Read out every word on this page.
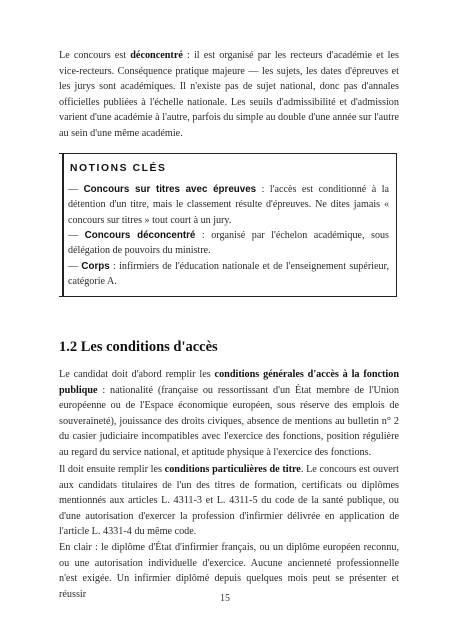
Le concours est déconcentré : il est organisé par les recteurs d'académie et les vice-recteurs. Conséquence pratique majeure — les sujets, les dates d'épreuves et les jurys sont académiques. Il n'existe pas de sujet national, donc pas d'annales officielles publiées à l'échelle nationale. Les seuils d'admissibilité et d'admission varient d'une académie à l'autre, parfois du simple au double d'une année sur l'autre au sein d'une même académie.

NOTIONS CLÉS

— Concours sur titres avec épreuves : l'accès est conditionné à la détention d'un titre, mais le classement résulte d'épreuves. Ne dites jamais « concours sur titres » tout court à un jury.

— Concours déconcentré : organisé par l'échelon académique, sous délégation de pouvoirs du ministre.

— Corps : infirmiers de l'éducation nationale et de l'enseignement supérieur, catégorie A.

1.2 Les conditions d'accès

Le candidat doit d'abord remplir les conditions générales d'accès à la fonction publique : nationalité (française ou ressortissant d'un État membre de l'Union européenne ou de l'Espace économique européen, sous réserve des emplois de souveraineté), jouissance des droits civiques, absence de mentions au bulletin n° 2 du casier judiciaire incompatibles avec l'exercice des fonctions, position régulière au regard du service national, et aptitude physique à l'exercice des fonctions.

Il doit ensuite remplir les conditions particulières de titre. Le concours est ouvert aux candidats titulaires de l'un des titres de formation, certificats ou diplômes mentionnés aux articles L. 4311-3 et L. 4311-5 du code de la santé publique, ou d'une autorisation d'exercer la profession d'infirmier délivrée en application de l'article L. 4331-4 du même code.

En clair : le diplôme d'État d'infirmier français, ou un diplôme européen reconnu, ou une autorisation individuelle d'exercice. Aucune ancienneté professionnelle n'est exigée. Un infirmier diplômé depuis quelques mois peut se présenter et réussir	15
